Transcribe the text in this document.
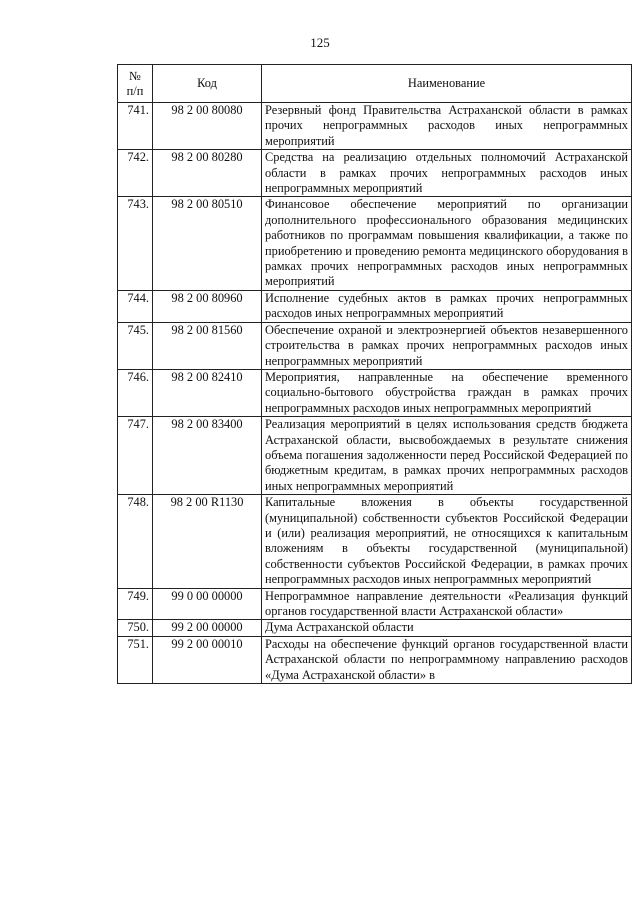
125
№
п/п	Код	Наименование
741.	98 2 00 80080	Резервный фонд Правительства Астраханской области в рамках прочих непрограммных расходов иных непрограммных мероприятий
742.	98 2 00 80280	Средства на реализацию отдельных полномочий Астраханской области в рамках прочих непрограммных расходов иных непрограммных мероприятий
743.	98 2 00 80510	Финансовое обеспечение мероприятий по организации дополнительного профессионального образования медицинских работников по программам повышения квалификации, а также по приобретению и проведению ремонта медицинского оборудования в рамках прочих непрограммных расходов иных непрограммных мероприятий
744.	98 2 00 80960	Исполнение судебных актов в рамках прочих непрограммных расходов иных непрограммных мероприятий
745.	98 2 00 81560	Обеспечение охраной и электроэнергией объектов незавершенного строительства в рамках прочих непрограммных расходов иных непрограммных мероприятий
746.	98 2 00 82410	Мероприятия, направленные на обеспечение временного социально-бытового обустройства граждан в рамках прочих непрограммных расходов иных непрограммных мероприятий
747.	98 2 00 83400	Реализация мероприятий в целях использования средств бюджета Астраханской области, высвобождаемых в результате снижения объема погашения задолженности перед Российской Федерацией по бюджетным кредитам, в рамках прочих непрограммных расходов иных непрограммных мероприятий
748.	98 2 00 R1130	Капитальные вложения в объекты государственной (муниципальной) собственности субъектов Российской Федерации и (или) реализация мероприятий, не относящихся к капитальным вложениям в объекты государственной (муниципальной) собственности субъектов Российской Федерации, в рамках прочих непрограммных расходов иных непрограммных мероприятий
749.	99 0 00 00000	Непрограммное направление деятельности «Реализация функций органов государственной власти Астраханской области»
750.	99 2 00 00000	Дума Астраханской области
751.	99 2 00 00010	Расходы на обеспечение функций органов государственной власти Астраханской области по непрограммному направлению расходов «Дума Астраханской области» в
